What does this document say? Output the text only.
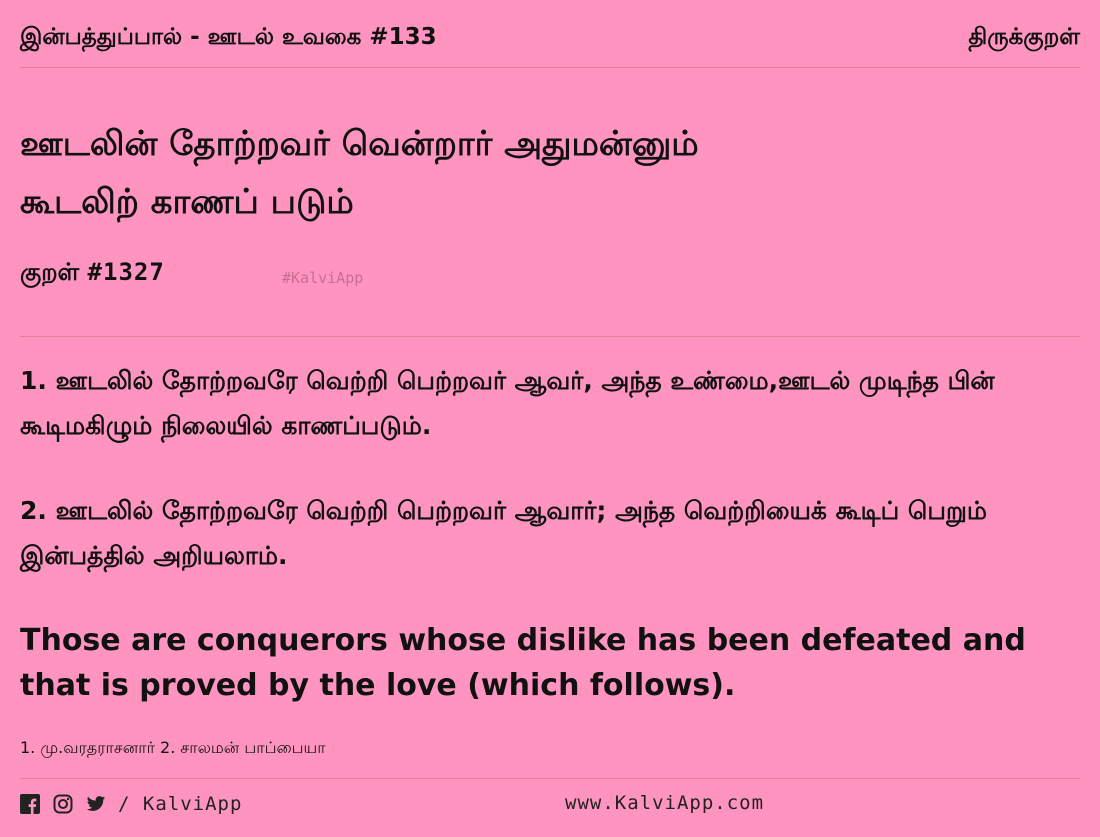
இன்பத்துப்பால் - ஊடல் உவகை #133	திருக்குறள்
ஊடலின் தோற்றவர் வென்றார் அதுமன்னும்
கூடலிற் காணப் படும்
குறள் #1327	#KalviApp
1. ஊடலில் தோற்றவரே வெற்றி பெற்றவர் ஆவர், அந்த உண்மை,ஊடல் முடிந்த பின் கூடிமகிழும் நிலையில் காணப்படும்.
2. ஊடலில் தோற்றவரே வெற்றி பெற்றவர் ஆவார்; அந்த வெற்றியைக் கூடிப் பெறும் இன்பத்தில் அறியலாம்.
Those are conquerors whose dislike has been defeated and that is proved by the love (which follows).
1. மு.வரதராசனார் 2. சாலமன் பாப்பையா
/ KalviApp	www.KalviApp.com
